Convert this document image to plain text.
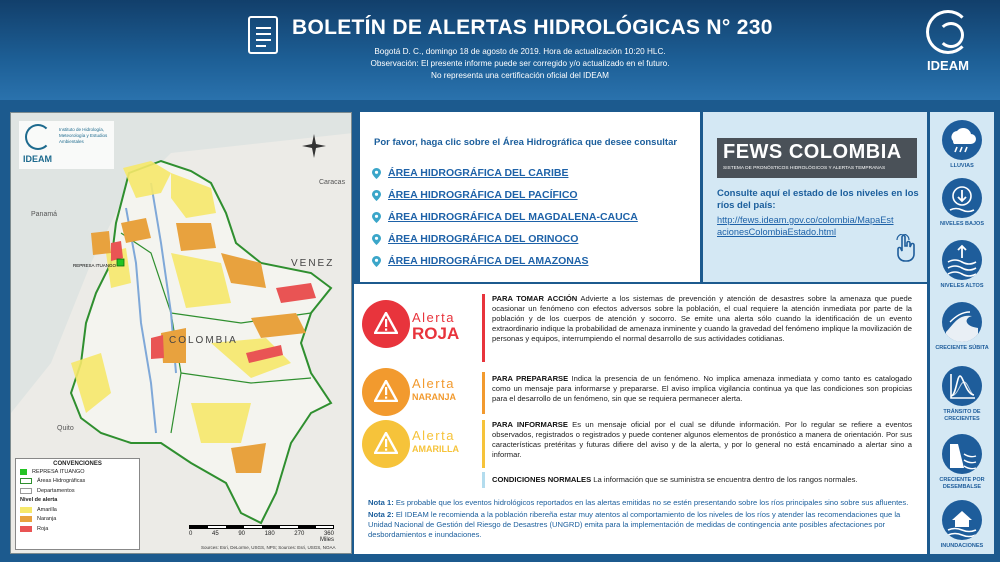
BOLETÍN DE ALERTAS HIDROLÓGICAS N° 230
Bogotá D. C., domingo 18 de agosto de 2019. Hora de actualización 10:20 HLC.
Observación: El presente informe puede ser corregido y/o actualizado en el futuro.
No representa una certificación oficial del IDEAM
IDEAM
IDEAM
Instituto de Hidrología, Meteorología y Estudios Ambientales
Caracas
Panamá
VENEZ
COLOMBIA
Quito
REPRESA ITUANGO
CONVENCIONES
REPRESA ITUANGO
Áreas Hidrográficas
Departamentos
Nivel de alerta
Amarilla
Naranja
Roja
0	45	90	180	270	360
Miles
Sources: Esri, DeLorme, USGS, NPS; Sources: Esri, USGS, NOAA
Por favor, haga clic sobre el Área Hidrográfica que desee consultar
ÁREA HIDROGRÁFICA DEL CARIBE
ÁREA HIDROGRÁFICA DEL PACÍFICO
ÁREA HIDROGRÁFICA DEL MAGDALENA-CAUCA
ÁREA HIDROGRÁFICA DEL ORINOCO
ÁREA HIDROGRÁFICA DEL AMAZONAS
FEWS COLOMBIA
SISTEMA DE PRONÓSTICOS HIDROLÓGICOS Y ALERTAS TEMPRANAS

Consulte aquí el estado de los niveles en los ríos del país:

http://fews.ideam.gov.co/colombia/MapaEstacionesColombiaEstado.html
Alerta
ROJA
PARA TOMAR ACCIÓN Advierte a los sistemas de prevención y atención de desastres sobre la amenaza que puede ocasionar un fenómeno con efectos adversos sobre la población, el cual requiere la atención inmediata por parte de la población y de los cuerpos de atención y socorro. Se emite una alerta sólo cuando la identificación de un evento extraordinario indique la probabilidad de amenaza inminente y cuando la gravedad del fenómeno implique la movilización de personas y equipos, interrumpiendo el normal desarrollo de sus actividades cotidianas.
Alerta
NARANJA
PARA PREPARARSE Indica la presencia de un fenómeno. No implica amenaza inmediata y como tanto es catalogado como un mensaje para informarse y prepararse. El aviso implica vigilancia continua ya que las condiciones son propicias para el desarrollo de un fenómeno, sin que se requiera permanecer alerta.
Alerta
AMARILLA
PARA INFORMARSE Es un mensaje oficial por el cual se difunde información. Por lo regular se refiere a eventos observados, registrados o registrados y puede contener algunos elementos de pronóstico a manera de orientación. Por sus características pretéritas y futuras difiere del aviso y de la alerta, y por lo general no está encaminado a alertar sino a informar.
CONDICIONES NORMALES La información que se suministra se encuentra dentro de los rangos normales.
Nota 1: Es probable que los eventos hidrológicos reportados en las alertas emitidas no se estén presentando sobre los ríos principales sino sobre sus afluentes.
Nota 2: El IDEAM le recomienda a la población ribereña estar muy atentos al comportamiento de los niveles de los ríos y atender las recomendaciones que la Unidad Nacional de Gestión del Riesgo de Desastres (UNGRD) emita para la implementación de medidas de contingencia ante posibles afectaciones por desbordamientos e inundaciones.
LLUVIAS
NIVELES BAJOS
NIVELES ALTOS
CRECIENTE SÚBITA
TRÁNSITO DE CRECIENTES
CRECIENTE POR DESEMBALSE
INUNDACIONES
